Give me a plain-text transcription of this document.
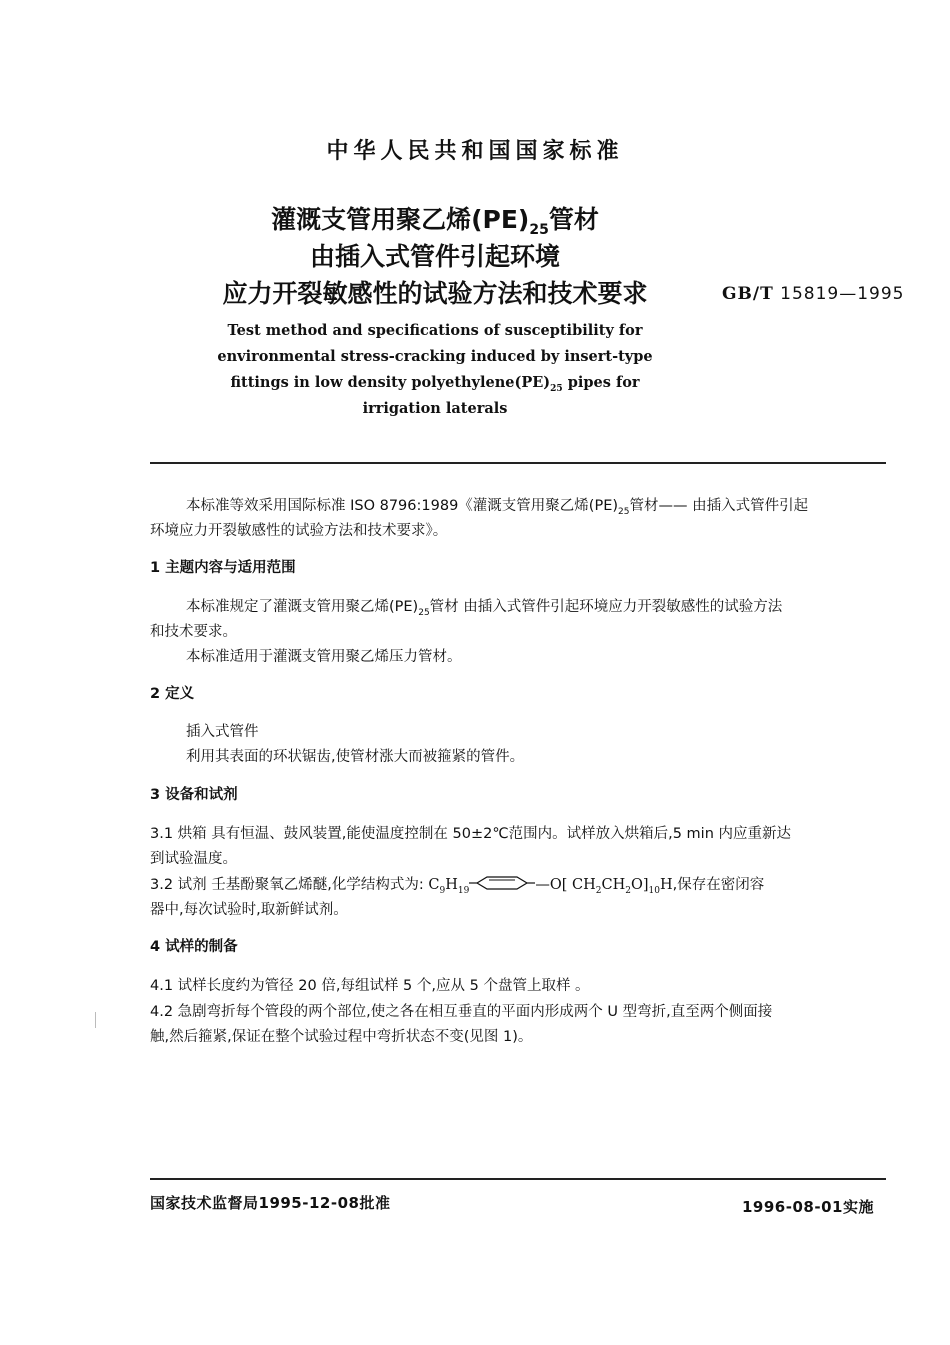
中华人民共和国国家标准
灌溉支管用聚乙烯$(PE)_{25}$管材
由插入式管件引起环境
应力开裂敏感性的试验方法和技术要求	GB/T 15819—1995
Test method and specifications of susceptibility for
environmental stress-cracking induced by insert-type
fittings in low density $polyethylene(PE)_{25}$ pipes for
irrigation laterals
本标准等效采用国际标准 ISO 8796:1989《灌溉支管用聚乙烯$(PE)_{25}$管材—— 由插入式管件引起
环境应力开裂敏感性的试验方法和技术要求》。
1 主题内容与适用范围
本标准规定了灌溉支管用聚乙烯$(PE)_{25}$管材 由插入式管件引起环境应力开裂敏感性的试验方法
和技术要求。
本标准适用于灌溉支管用聚乙烯压力管材。
2 定义
插入式管件
利用其表面的环状锯齿,使管材涨大而被箍紧的管件。
3 设备和试剂
3.1 烘箱 具有恒温、鼓风装置,能使温度控制在 50±2℃范围内。试样放入烘箱后,5 min 内应重新达
到试验温度。
3.2 试剂 壬基酚聚氧乙烯醚,化学结构式为: $C_9H_{19}$	—O[ $CH_2CH_2O]_{10}H$,保存在密闭容
器中,每次试验时,取新鲜试剂。
4 试样的制备
4.1 试样长度约为管径 20 倍,每组试样 5 个,应从 5 个盘管上取样 。
4.2 急剧弯折每个管段的两个部位,使之各在相互垂直的平面内形成两个 U 型弯折,直至两个侧面接
触,然后箍紧,保证在整个试验过程中弯折状态不变(见图 1)。
国家技术监督局1995-12-08批准	1996-08-01实施
